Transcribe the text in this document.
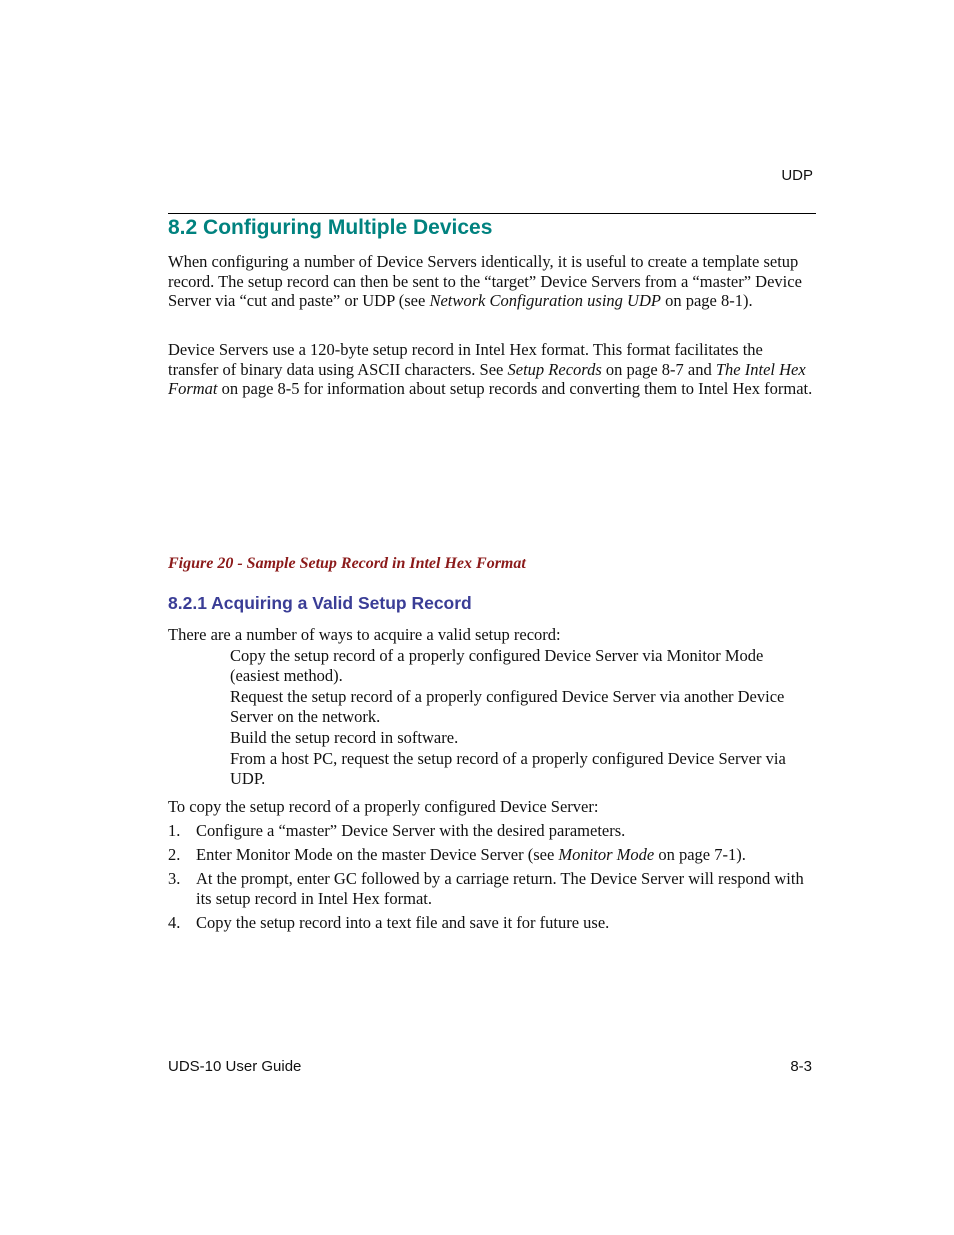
UDP
8.2 Configuring Multiple Devices
When configuring a number of Device Servers identically, it is useful to create a template setup record. The setup record can then be sent to the “target” Device Servers from a “master” Device Server via “cut and paste” or UDP (see Network Configuration using UDP on page 8-1).
Device Servers use a 120-byte setup record in Intel Hex format. This format facilitates the transfer of binary data using ASCII characters. See Setup Records on page 8-7 and The Intel Hex Format on page 8-5 for information about setup records and converting them to Intel Hex format.
Figure 20 - Sample Setup Record in Intel Hex Format
8.2.1 Acquiring a Valid Setup Record
There are a number of ways to acquire a valid setup record:
Copy the setup record of a properly configured Device Server via Monitor Mode (easiest method).
Request the setup record of a properly configured Device Server via another Device Server on the network.
Build the setup record in software.
From a host PC, request the setup record of a properly configured Device Server via UDP.
To copy the setup record of a properly configured Device Server:
1. Configure a “master” Device Server with the desired parameters.
2. Enter Monitor Mode on the master Device Server (see Monitor Mode on page 7-1).
3. At the prompt, enter GC followed by a carriage return. The Device Server will respond with its setup record in Intel Hex format.
4. Copy the setup record into a text file and save it for future use.
UDS-10 User Guide	8-3
